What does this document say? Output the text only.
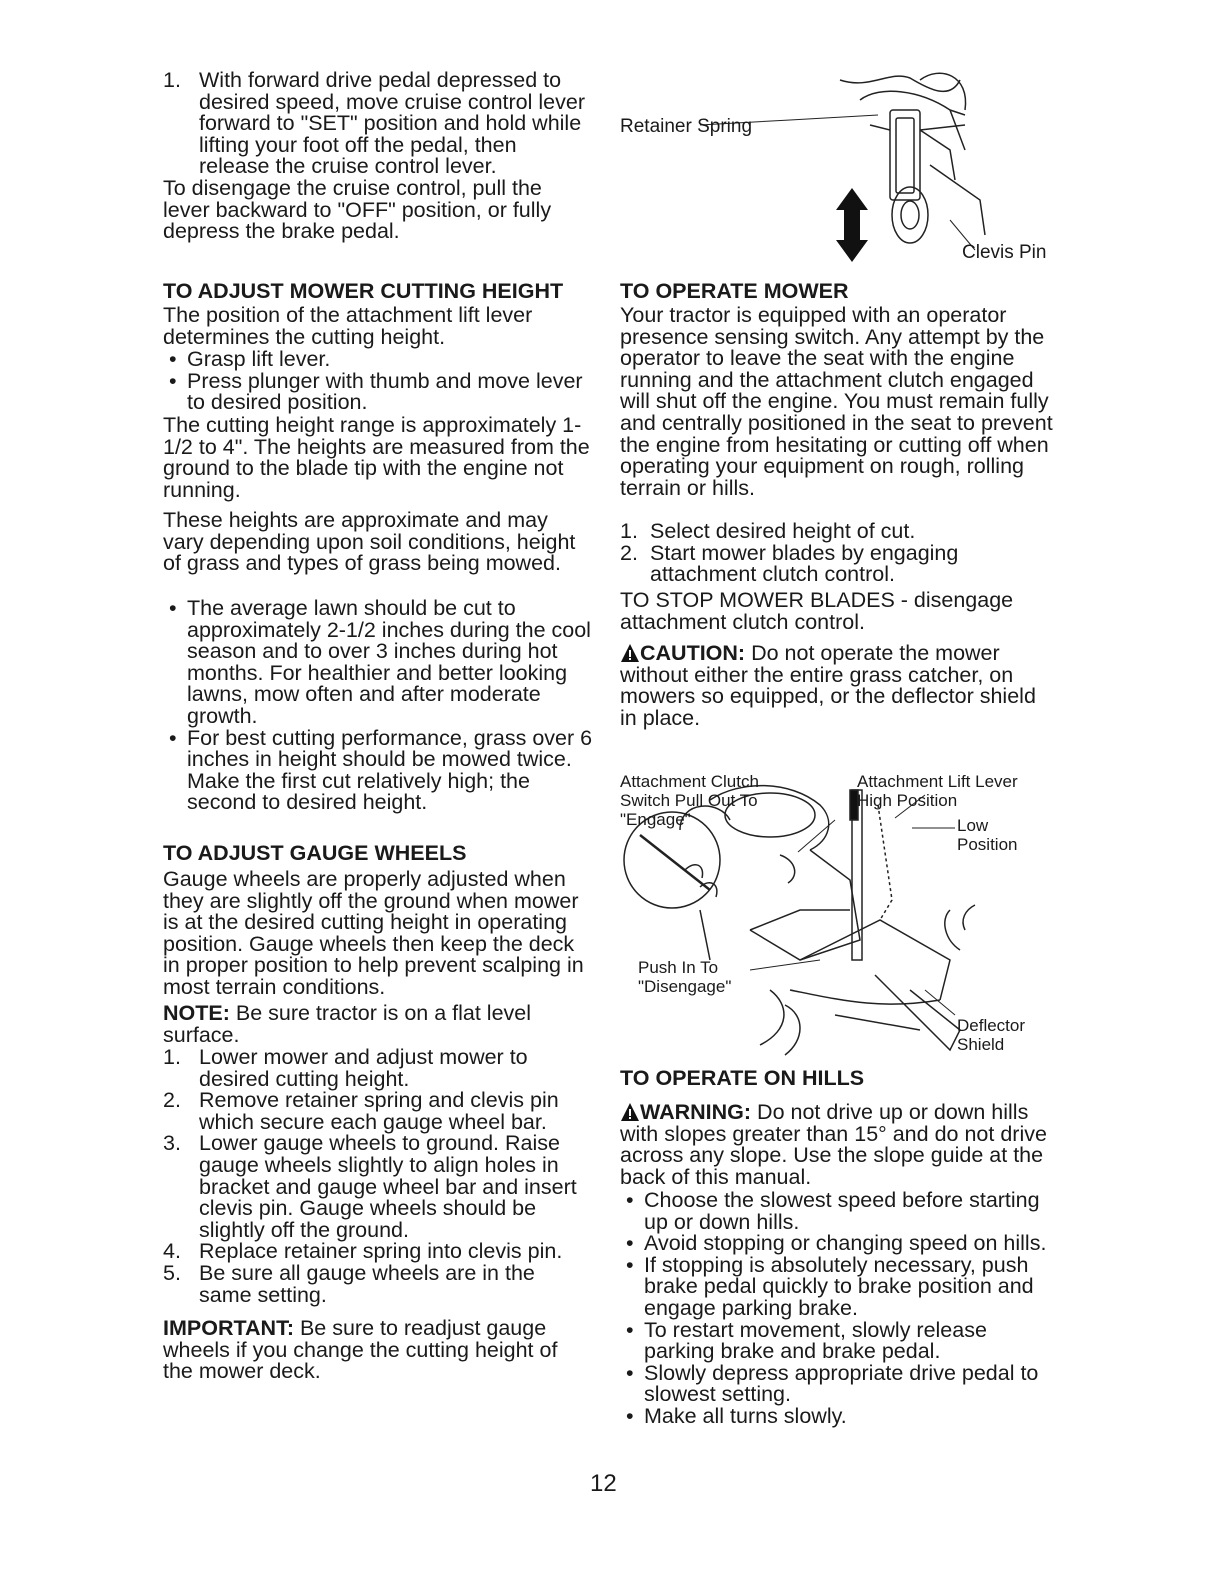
1. With forward drive pedal depressed to desired speed, move cruise control lever forward to "SET" position and hold while lifting your foot off the pedal, then release the cruise control lever.

To disengage the cruise control, pull the lever backward to "OFF" position, or fully depress the brake pedal.

TO ADJUST MOWER CUTTING HEIGHT

The position of the attachment lift lever determines the cutting height.

• Grasp lift lever.

• Press plunger with thumb and move lever to desired position.

The cutting height range is approximately 1-1/2 to 4". The heights are measured from the ground to the blade tip with the engine not running.

These heights are approximate and may vary depending upon soil conditions, height of grass and types of grass being mowed.

• The average lawn should be cut to approximately 2-1/2 inches during the cool season and to over 3 inches during hot months. For healthier and better looking lawns, mow often and after moderate growth.

• For best cutting performance, grass over 6 inches in height should be mowed twice. Make the first cut relatively high; the second to desired height.

TO ADJUST GAUGE WHEELS

Gauge wheels are properly adjusted when they are slightly off the ground when mower is at the desired cutting height in operating position. Gauge wheels then keep the deck in proper position to help prevent scalping in most terrain conditions.

NOTE: Be sure tractor is on a flat level surface.

1. Lower mower and adjust mower to desired cutting height.

2. Remove retainer spring and clevis pin which secure each gauge wheel bar.

3. Lower gauge wheels to ground. Raise gauge wheels slightly to align holes in bracket and gauge wheel bar and insert clevis pin. Gauge wheels should be slightly off the ground.

4. Replace retainer spring into clevis pin.

5. Be sure all gauge wheels are in the same setting.

IMPORTANT: Be sure to readjust gauge wheels if you change the cutting height of the mower deck.

Retainer Spring
Clevis Pin

TO OPERATE MOWER

Your tractor is equipped with an operator presence sensing switch. Any attempt by the operator to leave the seat with the engine running and the attachment clutch engaged will shut off the engine. You must remain fully and centrally positioned in the seat to prevent the engine from hesitating or cutting off when operating your equipment on rough, rolling terrain or hills.

1. Select desired height of cut.

2. Start mower blades by engaging attachment clutch control.

TO STOP MOWER BLADES - disengage attachment clutch control.

CAUTION: Do not operate the mower without either the entire grass catcher, on mowers so equipped, or the deflector shield in place.

Attachment Clutch
Switch Pull Out To
"Engage"
Attachment Lift Lever
High Position
Low
Position
Push In To
"Disengage"
Deflector
Shield

TO OPERATE ON HILLS

WARNING: Do not drive up or down hills with slopes greater than 15° and do not drive across any slope. Use the slope guide at the back of this manual.

• Choose the slowest speed before starting up or down hills.

• Avoid stopping or changing speed on hills.

• If stopping is absolutely necessary, push brake pedal quickly to brake position and engage parking brake.

• To restart movement, slowly release parking brake and brake pedal.

• Slowly depress appropriate drive pedal to slowest setting.

• Make all turns slowly.

12
